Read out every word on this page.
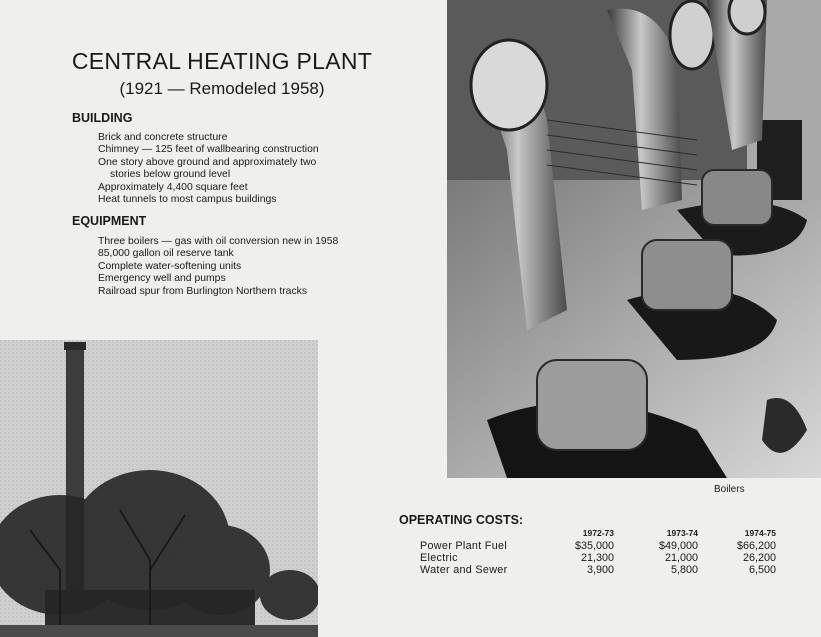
CENTRAL HEATING PLANT

(1921 — Remodeled 1958)

BUILDING
Brick and concrete structure
Chimney — 125 feet of wallbearing construction
One story above ground and approximately two
stories below ground level
Approximately 4,400 square feet
Heat tunnels to most campus buildings
EQUIPMENT
Three boilers — gas with oil conversion new in 1958
85,000 gallon oil reserve tank
Complete water-softening units
Emergency well and pumps
Railroad spur from Burlington Northern tracks

Boilers

OPERATING COSTS:
	1972-73	1973-74	1974-75
Power Plant Fuel	$35,000	$49,000	$66,200
Electric	21,300	21,000	26,200
Water and Sewer	3,900	5,800	6,500
